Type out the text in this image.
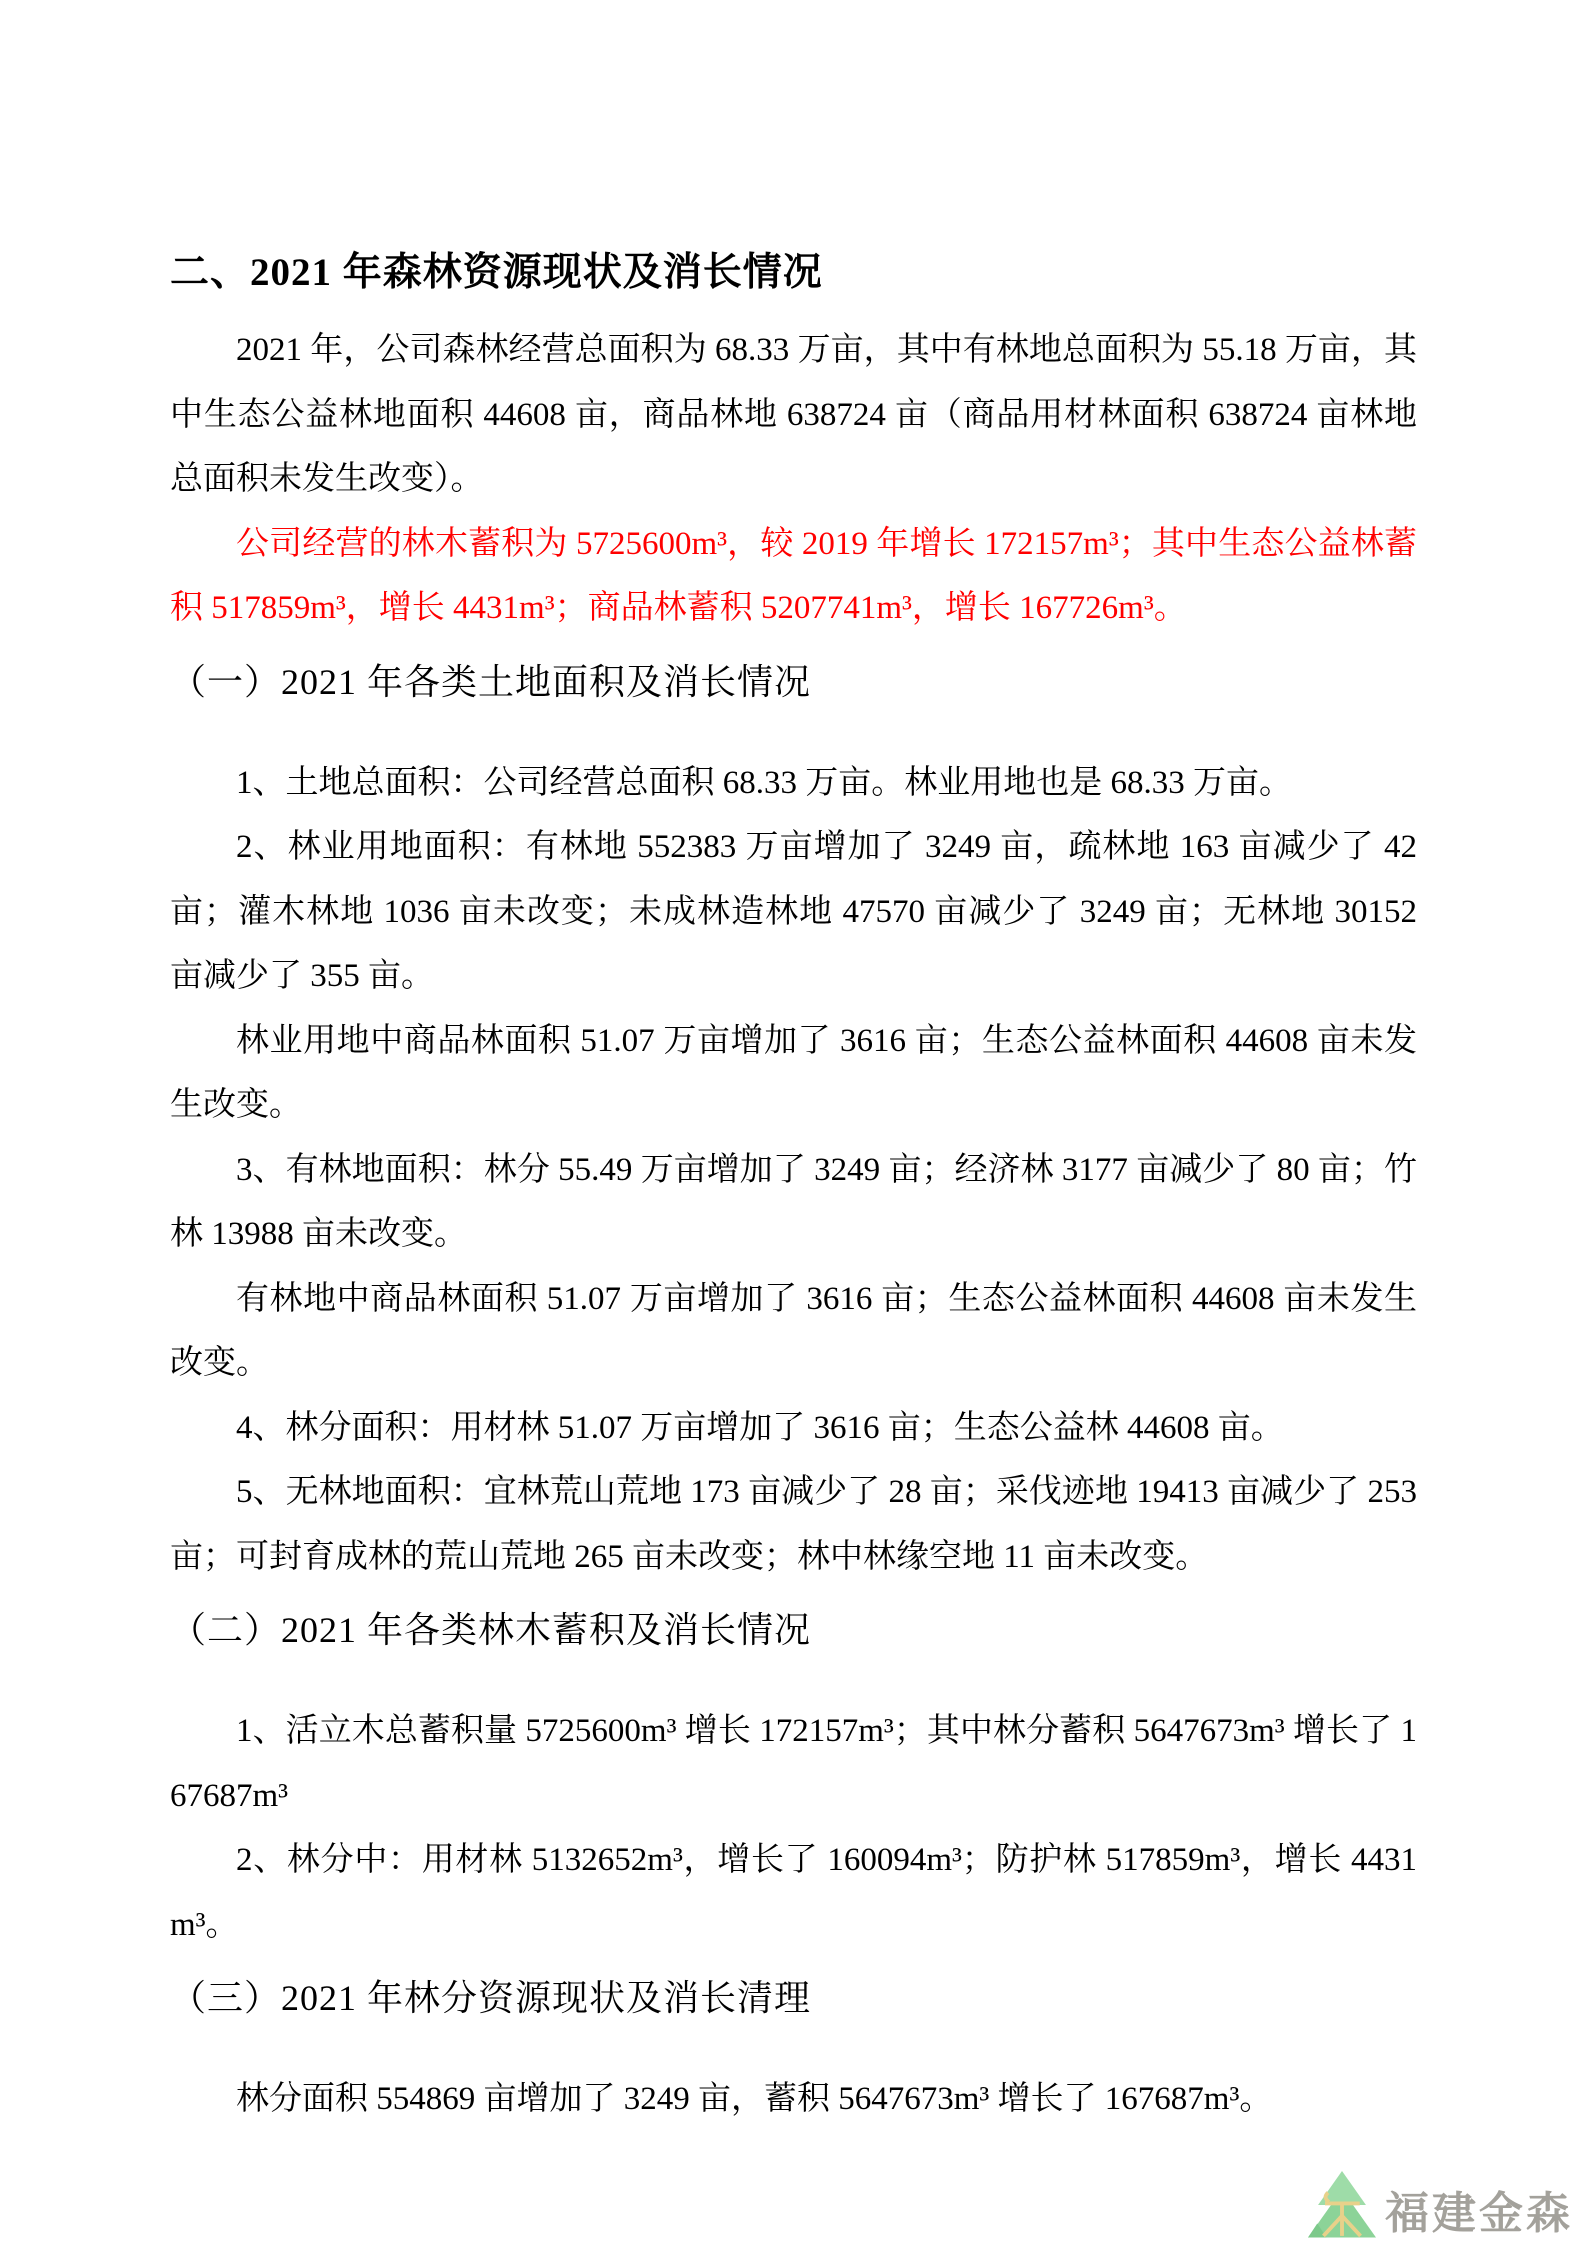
二、2021 年森林资源现状及消长情况

2021 年，公司森林经营总面积为 68.33 万亩，其中有林地总面积为 55.18 万亩，其中生态公益林地面积 44608 亩，商品林地 638724 亩（商品用材林面积 638724 亩林地总面积未发生改变）。

公司经营的林木蓄积为 5725600m³，较 2019 年增长 172157m³；其中生态公益林蓄积 517859m³，增长 4431m³；商品林蓄积 5207741m³，增长 167726m³。

（一）2021 年各类土地面积及消长情况

1、土地总面积：公司经营总面积 68.33 万亩。林业用地也是 68.33 万亩。

2、林业用地面积：有林地 552383 万亩增加了 3249 亩，疏林地 163 亩减少了 42 亩；灌木林地 1036 亩未改变；未成林造林地 47570 亩减少了 3249 亩；无林地 30152 亩减少了 355 亩。

林业用地中商品林面积 51.07 万亩增加了 3616 亩；生态公益林面积 44608 亩未发生改变。

3、有林地面积：林分 55.49 万亩增加了 3249 亩；经济林 3177 亩减少了 80 亩；竹林 13988 亩未改变。

有林地中商品林面积 51.07 万亩增加了 3616 亩；生态公益林面积 44608 亩未发生改变。

4、林分面积：用材林 51.07 万亩增加了 3616 亩；生态公益林 44608 亩。

5、无林地面积：宜林荒山荒地 173 亩减少了 28 亩；采伐迹地 19413 亩减少了 253 亩；可封育成林的荒山荒地 265 亩未改变；林中林缘空地 11 亩未改变。

（二）2021 年各类林木蓄积及消长情况

1、活立木总蓄积量 5725600m³ 增长 172157m³；其中林分蓄积 5647673m³ 增长了 167687m³

2、林分中：用材林 5132652m³，增长了 160094m³；防护林 517859m³，增长 4431m³。

（三）2021 年林分资源现状及消长清理

林分面积 554869 亩增加了 3249 亩，蓄积 5647673m³ 增长了 167687m³。

福建金森
